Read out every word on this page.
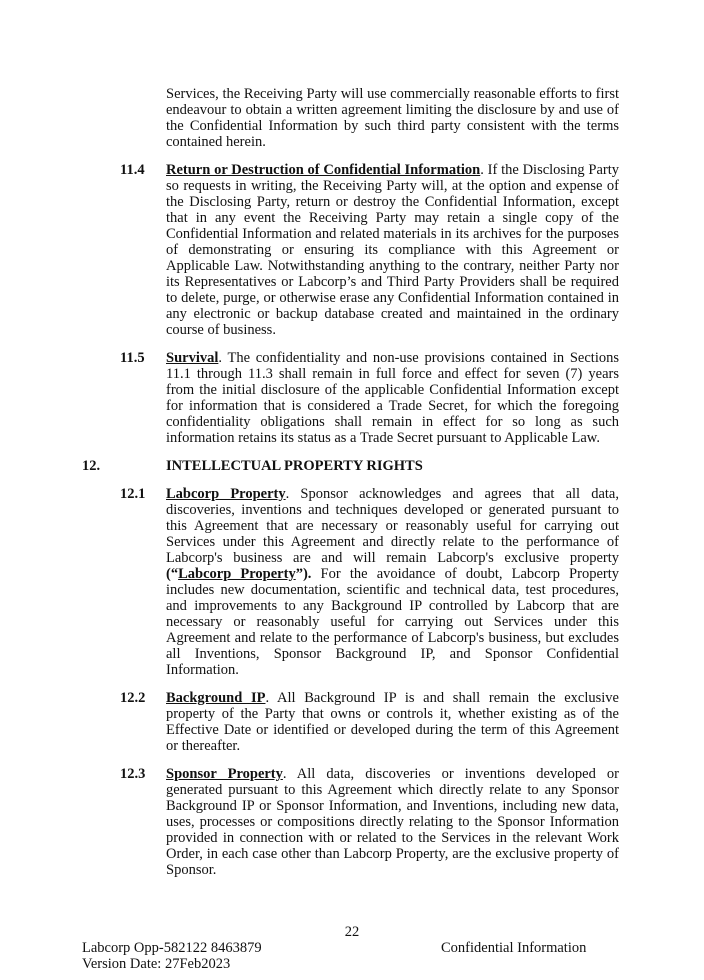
Services, the Receiving Party will use commercially reasonable efforts to first endeavour to obtain a written agreement limiting the disclosure by and use of the Confidential Information by such third party consistent with the terms contained herein.
11.4 Return or Destruction of Confidential Information. If the Disclosing Party so requests in writing, the Receiving Party will, at the option and expense of the Disclosing Party, return or destroy the Confidential Information, except that in any event the Receiving Party may retain a single copy of the Confidential Information and related materials in its archives for the purposes of demonstrating or ensuring its compliance with this Agreement or Applicable Law. Notwithstanding anything to the contrary, neither Party nor its Representatives or Labcorp’s and Third Party Providers shall be required to delete, purge, or otherwise erase any Confidential Information contained in any electronic or backup database created and maintained in the ordinary course of business.
11.5 Survival. The confidentiality and non-use provisions contained in Sections 11.1 through 11.3 shall remain in full force and effect for seven (7) years from the initial disclosure of the applicable Confidential Information except for information that is considered a Trade Secret, for which the foregoing confidentiality obligations shall remain in effect for so long as such information retains its status as a Trade Secret pursuant to Applicable Law.
12.	INTELLECTUAL PROPERTY RIGHTS
12.1 Labcorp Property. Sponsor acknowledges and agrees that all data, discoveries, inventions and techniques developed or generated pursuant to this Agreement that are necessary or reasonably useful for carrying out Services under this Agreement and directly relate to the performance of Labcorp's business are and will remain Labcorp's exclusive property (“Labcorp Property”). For the avoidance of doubt, Labcorp Property includes new documentation, scientific and technical data, test procedures, and improvements to any Background IP controlled by Labcorp that are necessary or reasonably useful for carrying out Services under this Agreement and relate to the performance of Labcorp's business, but excludes all Inventions, Sponsor Background IP, and Sponsor Confidential Information.
12.2 Background IP. All Background IP is and shall remain the exclusive property of the Party that owns or controls it, whether existing as of the Effective Date or identified or developed during the term of this Agreement or thereafter.
12.3 Sponsor Property. All data, discoveries or inventions developed or generated pursuant to this Agreement which directly relate to any Sponsor Background IP or Sponsor Information, and Inventions, including new data, uses, processes or compositions directly relating to the Sponsor Information provided in connection with or related to the Services in the relevant Work Order, in each case other than Labcorp Property, are the exclusive property of Sponsor.
22
Labcorp Opp-582122 8463879
Version Date: 27Feb2023
Confidential Information
